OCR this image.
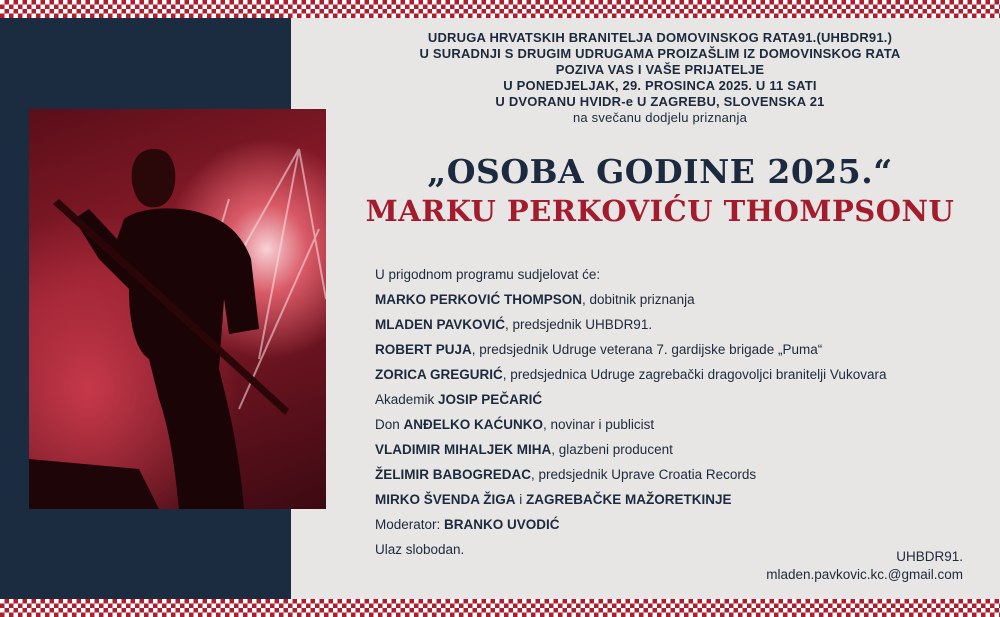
UDRUGA HRVATSKIH BRANITELJA DOMOVINSKOG RATA91.(UHBDR91.)
U SURADNJI S DRUGIM UDRUGAMA PROIZAŠLIM IZ DOMOVINSKOG RATA
POZIVA VAS I VAŠE PRIJATELJE
U PONEDJELJAK, 29. PROSINCA 2025. U 11 SATI
U DVORANU HVIDR-e U ZAGREBU, SLOVENSKA 21
na svečanu dodjelu priznanja
„OSOBA GODINE 2025.“
MARKU PERKOVIĆU THOMPSONU
U prigodnom programu sudjelovat će:
MARKO PERKOVIĆ THOMPSON, dobitnik priznanja
MLADEN PAVKOVIĆ, predsjednik UHBDR91.
ROBERT PUJA, predsjednik Udruge veterana 7. gardijske brigade „Puma“
ZORICA GREGURIĆ, predsjednica Udruge zagrebački dragovoljci branitelji Vukovara
Akademik JOSIP PEČARIĆ
Don ANĐELKO KAĆUNKO, novinar i publicist
VLADIMIR MIHALJEK MIHA, glazbeni producent
ŽELIMIR BABOGREDAC, predsjednik Uprave Croatia Records
MIRKO ŠVENDA ŽIGA i ZAGREBAČKE MAŽORETKINJE
Moderator: BRANKO UVODIĆ
Ulaz slobodan.	UHBDR91.
mladen.pavkovic.kc.@gmail.com
